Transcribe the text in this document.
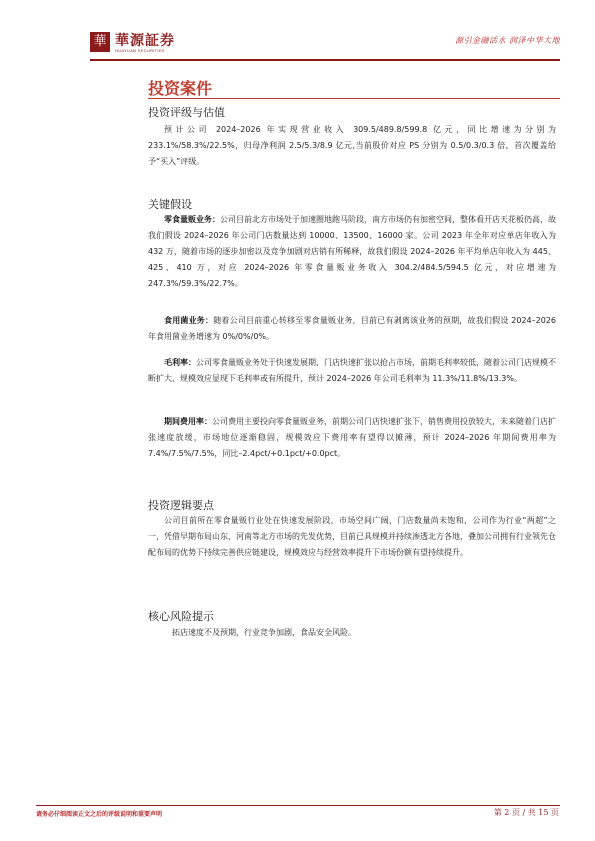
華 華源証券
HUAYUAN SECURITIES
源引金融活水 润泽中华大地
投资案件
投资评级与估值

预计公司 2024–2026 年实现营业收入 309.5/489.8/599.8 亿元，同比增速为分别为 233.1%/58.3%/22.5%，归母净利润 2.5/5.3/8.9 亿元,当前股价对应 PS 分别为 0.5/0.3/0.3 倍，首次覆盖给予“买入”评级。

关键假设

零食量贩业务：公司目前北方市场处于加速圈地跑马阶段，南方市场仍有加密空间，整体看开店天花板仍高，故我们假设 2024–2026 年公司门店数量达到 10000、13500、16000 家。公司 2023 年全年对应单店年收入为 432 万，随着市场的逐步加密以及竞争加剧对店销有所稀释，故我们假设 2024–2026 年平均单店年收入为 445、425、410 万，对应 2024–2026 年零食量贩业务收入 304.2/484.5/594.5 亿元，对应增速为 247.3%/59.3%/22.7%。

食用菌业务：随着公司目前重心转移至零食量贩业务，目前已有剥离该业务的预期，故我们假设 2024–2026 年食用菌业务增速为 0%/0%/0%。

毛利率：公司零食量贩业务处于快速发展期，门店快速扩张以抢占市场，前期毛利率较低，随着公司门店规模不断扩大、规模效应显现下毛利率或有所提升，预计 2024–2026 年公司毛利率为 11.3%/11.8%/13.3%。

期间费用率：公司费用主要投向零食量贩业务，前期公司门店快速扩张下，销售费用投放较大，未来随着门店扩张速度放缓，市场地位逐渐稳固，规模效应下费用率有望得以摊薄，预计 2024–2026 年期间费用率为 7.4%/7.5%/7.5%，同比–2.4pct/+0.1pct/+0.0pct。

投资逻辑要点

公司目前所在零食量贩行业处在快速发展阶段，市场空间广阔，门店数量尚未饱和，公司作为行业“两超”之一，凭借早期布局山东、河南等北方市场的先发优势，目前已具规模并持续渗透北方各地，叠加公司拥有行业领先仓配布局的优势下持续完善供应链建设，规模效应与经营效率提升下市场份额有望持续提升。

核心风险提示

拓店速度不及预期，行业竞争加剧，食品安全风险。

请务必仔细阅读正文之后的评级说明和重要声明	第 2 页 / 共 15 页
